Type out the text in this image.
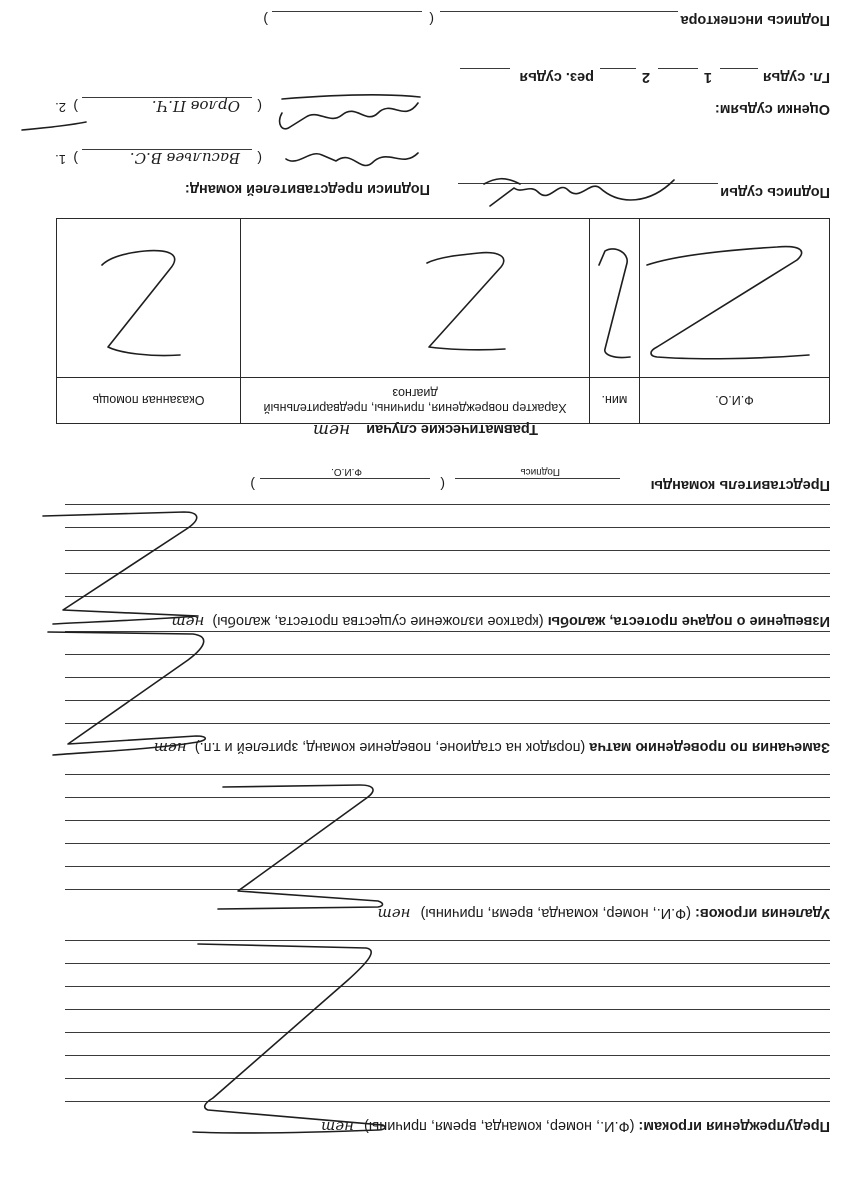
Предупреждения игрокам: (Ф.И., номер, команда, время, причины) нет
Удаления игроков: (Ф.И., номер, команда, время, причины) нет
Замечания по проведению матча (порядок на стадионе, поведение команд, зрителей и т.п.) нет
Извещение о подаче протеста, жалобы (краткое изложение существа протеста, жалобы) нет
Представитель команды
(
)
Подпись
Ф.И.О.
Травматические случаи нет
Ф.И.О.	мин.	Характер повреждения, причины, предварительный диагноз	Оказанная помощь

Подпись судьи
Подписи представителей команд:
(
Васильев В.С.
)
1.
(
Орлов П.Ч.
)
2.	Оценки судьям:
Гл. судья
1
2
рез. судья
Подпись инспектора
(
)
